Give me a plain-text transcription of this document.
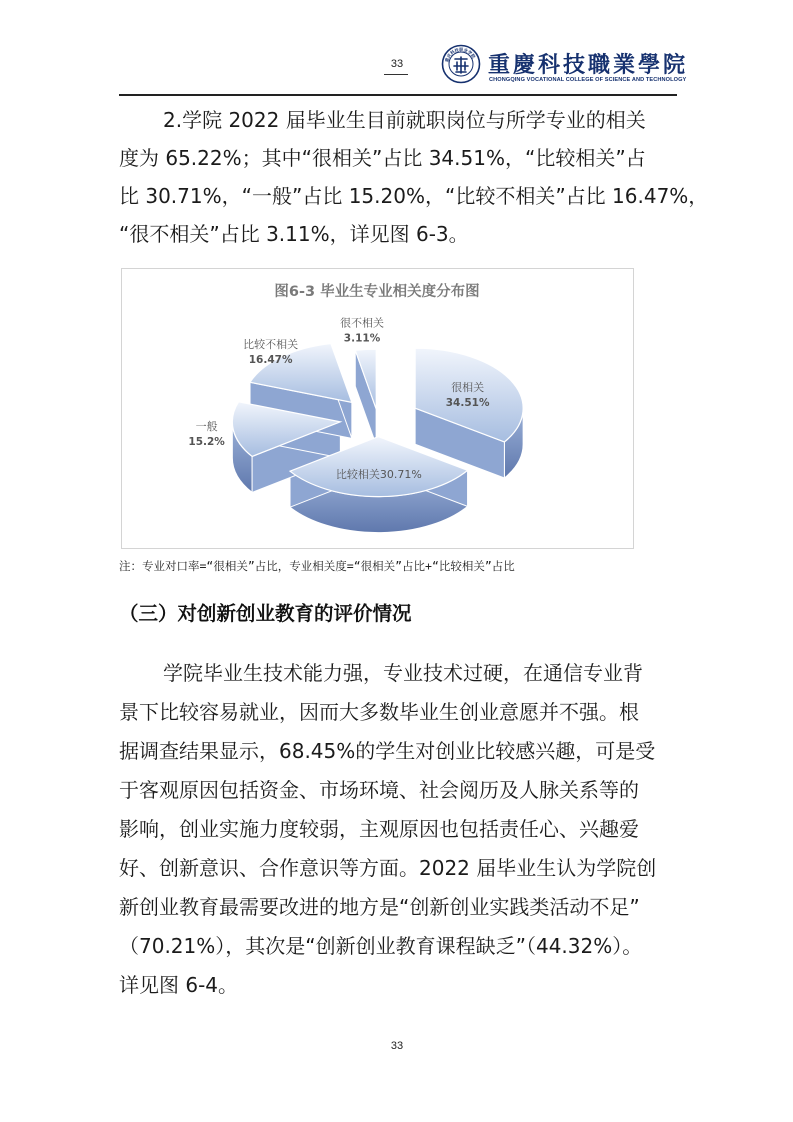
33	重庆科技职业学院 重慶科技職業學院
CHONGQING VOCATIONAL COLLEGE OF SCIENCE AND TECHNOLOGY
2.学院 2022 届毕业生目前就职岗位与所学专业的相关
度为 65.22%；其中“很相关”占比 34.51%，“比较相关”占
比 30.71%，“一般”占比 15.20%，“比较不相关”占比 16.47%，
“很不相关”占比 3.11%，详见图 6-3。
图6-3 毕业生专业相关度分布图
很相关
34.51%
比较相关30.71%
一般
15.2%
比较不相关
16.47%
很不相关
3.11%
注：专业对口率=“很相关”占比，专业相关度=“很相关”占比+“比较相关”占比
（三）对创新创业教育的评价情况
学院毕业生技术能力强，专业技术过硬，在通信专业背
景下比较容易就业，因而大多数毕业生创业意愿并不强。根
据调查结果显示，68.45%的学生对创业比较感兴趣，可是受
于客观原因包括资金、市场环境、社会阅历及人脉关系等的
影响，创业实施力度较弱，主观原因也包括责任心、兴趣爱
好、创新意识、合作意识等方面。2022 届毕业生认为学院创
新创业教育最需要改进的地方是“创新创业实践类活动不足”
（70.21%），其次是“创新创业教育课程缺乏”（44.32%）。
详见图 6-4。
33
